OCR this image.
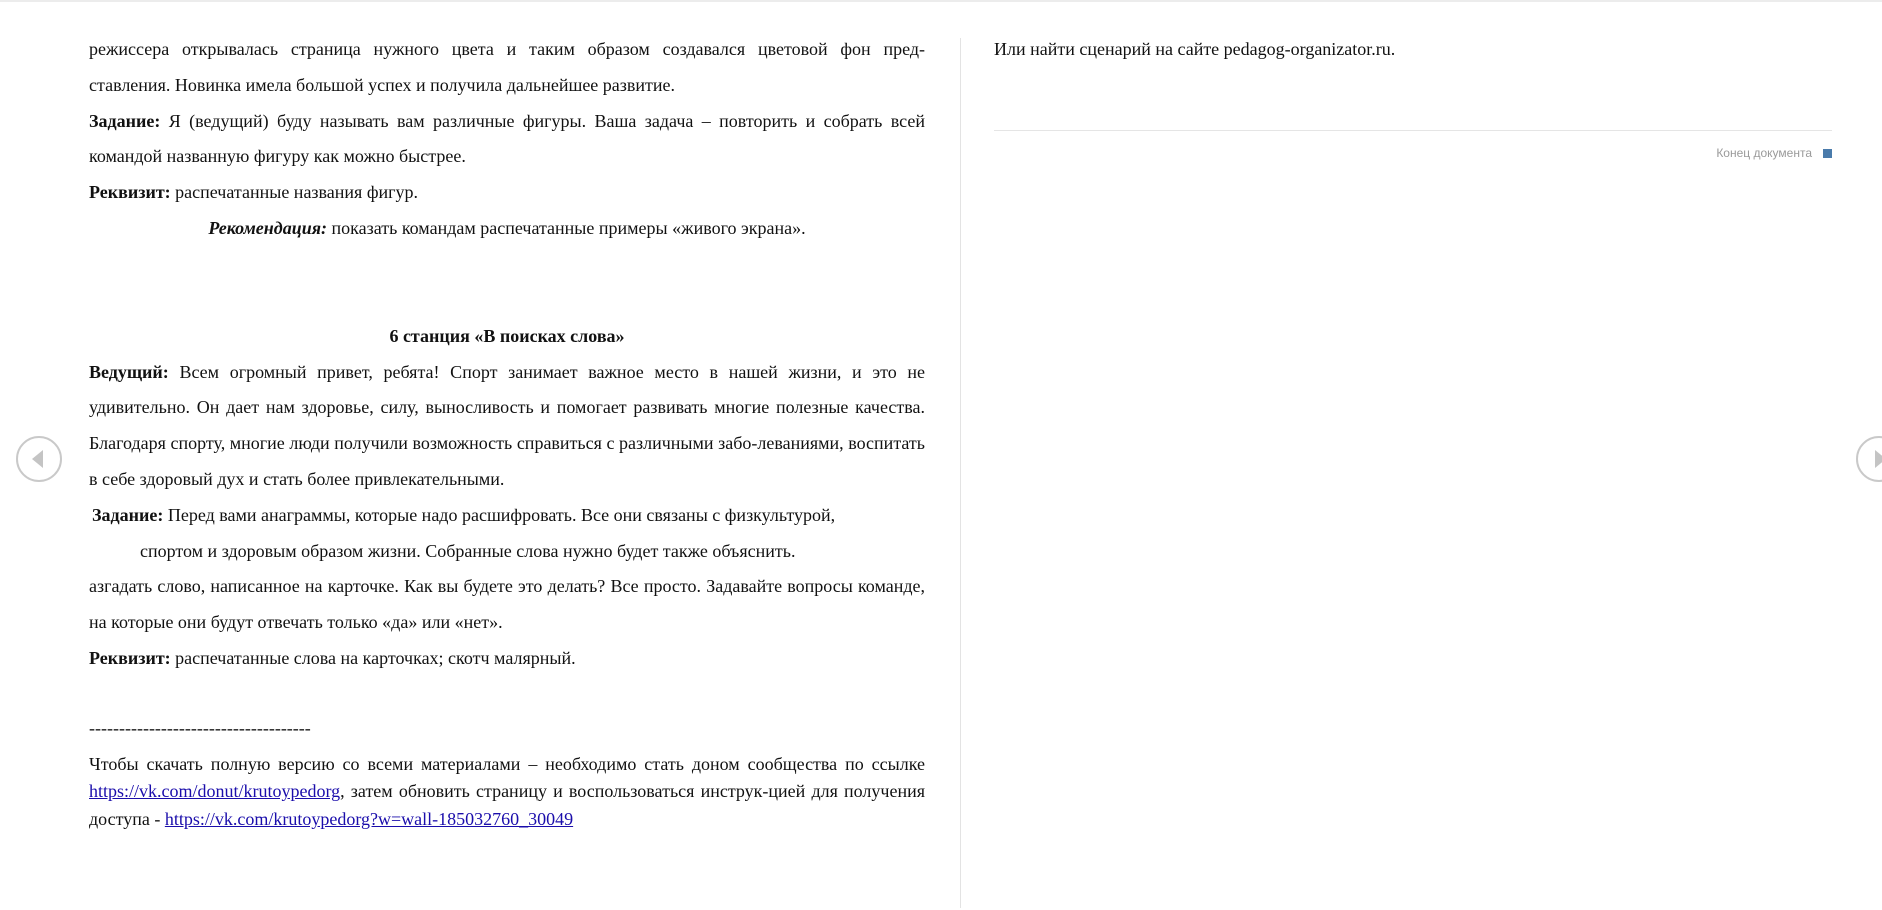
режиссера открывалась страница нужного цвета и таким образом создавался цветовой фон пред-

ставления. Новинка имела большой успех и получила дальнейшее развитие.

Задание: Я (ведущий) буду называть вам различные фигуры. Ваша задача – повторить и собрать всей командой названную фигуру как можно быстрее.

Реквизит: распечатанные названия фигур.

Рекомендация: показать командам распечатанные примеры «живого экрана».

6 станция «В поисках слова»

Ведущий: Всем огромный привет, ребята! Спорт занимает важное место в нашей жизни, и это не удивительно. Он дает нам здоровье, силу, выносливость и помогает развивать многие полезные качества. Благодаря спорту, многие люди получили возможность справиться с различными забо-леваниями, воспитать в себе здоровый дух и стать более привлекательными.

Задание: Перед вами анаграммы, которые надо расшифровать. Все они связаны с физкультурой,

спортом и здоровым образом жизни. Собранные слова нужно будет также объяснить.

азгадать слово, написанное на карточке. Как вы будете это делать? Все просто. Задавайте вопросы команде, на которые они будут отвечать только «да» или «нет».

Реквизит: распечатанные слова на карточках; скотч малярный.

-------------------------------------

Чтобы скачать полную версию со всеми материалами – необходимо стать доном сообщества по ссылке https://vk.com/donut/krutoypedorg, затем обновить страницу и воспользоваться инструк-цией для получения доступа - https://vk.com/krutoypedorg?w=wall-185032760_30049

Или найти сценарий на сайте pedagog-organizator.ru.

Конец документа
